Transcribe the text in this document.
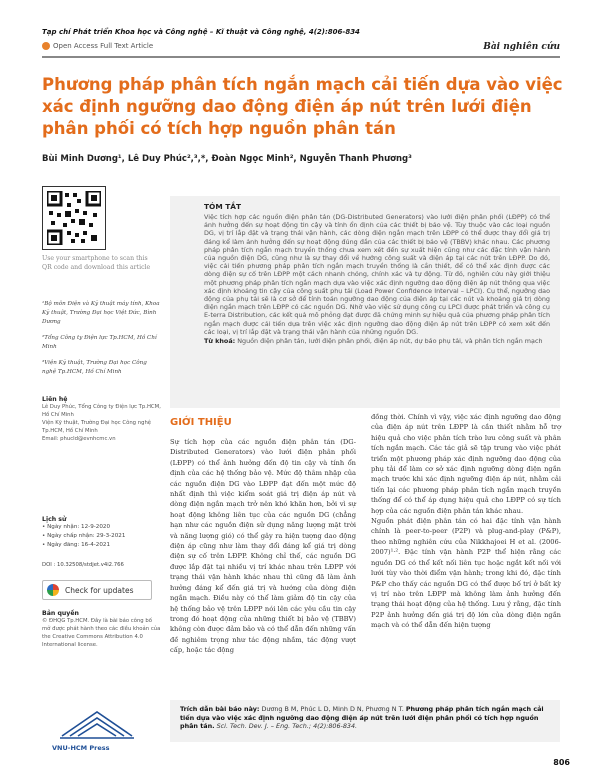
Tạp chí Phát triển Khoa học và Công nghệ – Kĩ thuật và Công nghệ, 4(2):806-834
Open Access Full Text Article	Bài nghiên cứu
Phương pháp phân tích ngắn mạch cải tiến dựa vào việc xác định ngưỡng dao động điện áp nút trên lưới điện phân phối có tích hợp nguồn phân tán
Bùi Minh Dương¹, Lê Duy Phúc²,³,*, Đoàn Ngọc Minh², Nguyễn Thanh Phương³
Use your smartphone to scan this QR code and download this article

¹Bộ môn Điện và Kỹ thuật máy tính, Khoa Kỹ thuật, Trường Đại học Việt Đức, Bình Dương

²Tổng Công ty Điện lực Tp.HCM, Hồ Chí Minh

³Viện Kỹ thuật, Trường Đại học Công nghệ Tp.HCM, Hồ Chí Minh

Liên hệ
Lê Duy Phúc, Tổng Công ty Điện lực Tp.HCM, Hồ Chí Minh
Viện Kỹ thuật, Trường Đại học Công nghệ Tp.HCM, Hồ Chí Minh
Email: phucld@evnhcmc.vn
Lịch sử
• Ngày nhận: 12-9-2020
• Ngày chấp nhận: 29-3-2021
• Ngày đăng: 16-4-2021
DOI : 10.32508/stdjet.v4i2.766
Check for updates
Bản quyền
© ĐHQG Tp.HCM. Đây là bài báo công bố mở được phát hành theo các điều khoản của the Creative Commons Attribution 4.0 International license.
VNU-HCM Press
TÓM TẮT
Việc tích hợp các nguồn điện phân tán (DG-Distributed Generators) vào lưới điện phân phối (LĐPP) có thể ảnh hưởng đến sự hoạt động tin cậy và tính ổn định của các thiết bị bảo vệ. Tùy thuộc vào các loại nguồn DG, vị trí lắp đặt và trạng thái vận hành, các dòng điện ngắn mạch trên LĐPP có thể được thay đổi giá trị đáng kể làm ảnh hưởng đến sự hoạt động đúng đắn của các thiết bị bảo vệ (TBBV) khác nhau. Các phương pháp phân tích ngắn mạch truyền thống chưa xem xét đến sự xuất hiện cũng như các đặc tính vận hành của nguồn điện DG, cũng như là sự thay đổi về hướng công suất và điện áp tại các nút trên LĐPP. Do đó, việc cải tiến phương pháp phân tích ngắn mạch truyền thống là cần thiết, để có thể xác định được các dòng điện sự cố trên LĐPP một cách nhanh chóng, chính xác và tự động. Từ đó, nghiên cứu này giới thiệu một phương pháp phân tích ngắn mạch dựa vào việc xác định ngưỡng dao động điện áp nút thông qua việc xác định khoảng tin cậy của công suất phụ tải (Load Power Confidence Interval – LPCI). Cụ thể, ngưỡng dao động của phụ tải sẽ là cơ sở để tính toán ngưỡng dao động của điện áp tại các nút và khoảng giá trị dòng điện ngắn mạch trên LĐPP có các nguồn DG. Nhờ vào việc sử dụng công cụ LPCI được phát triển và công cụ E-terra Distribution, các kết quả mô phỏng đạt được đã chứng minh sự hiệu quả của phương pháp phân tích ngắn mạch được cải tiến dựa trên việc xác định ngưỡng dao động điện áp nút trên LĐPP có xem xét đến các loại, vị trí lắp đặt và trạng thái vận hành của những nguồn DG.
Từ khoá: Nguồn điện phân tán, lưới điện phân phối, điện áp nút, dự báo phụ tải, và phân tích ngắn mạch
GIỚI THIỆU

Sự tích hợp của các nguồn điện phân tán (DG-Distributed Generators) vào lưới điện phân phối (LĐPP) có thể ảnh hưởng đến độ tin cậy và tính ổn định của các hệ thống bảo vệ. Mức độ thâm nhập của các nguồn điện DG vào LĐPP đạt đến một mức độ nhất định thì việc kiểm soát giá trị điện áp nút và dòng điện ngắn mạch trở nên khó khăn hơn, bởi vì sự hoạt động không liên tục của các nguồn DG (chẳng hạn như các nguồn điện sử dụng năng lượng mặt trời và năng lượng gió) có thể gây ra hiện tượng dao động điện áp cũng như làm thay đổi đáng kể giá trị dòng điện sự cố trên LĐPP. Không chỉ thế, các nguồn DG được lắp đặt tại nhiều vị trí khác nhau trên LĐPP với trạng thái vận hành khác nhau thì cũng đã làm ảnh hưởng đáng kể đến giá trị và hướng của dòng điện ngắn mạch. Điều này có thể làm giảm độ tin cậy của hệ thống bảo vệ trên LĐPP nói lên các yêu cầu tin cậy trong đó hoạt động của những thiết bị bảo vệ (TBBV) không còn được đảm bảo và có thể dẫn đến những vấn đề nghiêm trọng như tác động nhầm, tác động vượt cấp, hoặc tác động

đồng thời. Chính vì vậy, việc xác định ngưỡng dao động của điện áp nút trên LĐPP là cần thiết nhằm hỗ trợ hiệu quả cho việc phân tích trào lưu công suất và phân tích ngắn mạch. Các tác giả sẽ tập trung vào việc phát triển một phương pháp xác định ngưỡng dao động của phụ tải để làm cơ sở xác định ngưỡng dòng điện ngắn mạch trước khi xác định ngưỡng điện áp nút, nhằm cải tiến lại các phương pháp phân tích ngắn mạch truyền thống để có thể áp dụng hiệu quả cho LĐPP có sự tích hợp của các nguồn điện phân tán khác nhau.
Nguồn phát điện phân tán có hai đặc tính vận hành chính là peer-to-peer (P2P) và plug-and-play (P&P), theo những nghiên cứu của Nikkhajoei H et al. (2006-2007)¹·². Đặc tính vận hành P2P thể hiện rằng các nguồn DG có thể kết nối liên tục hoặc ngắt kết nối với lưới tùy vào thời điểm vận hành; trong khi đó, đặc tính P&P cho thấy các nguồn DG có thể được bố trí ở bất kỳ vị trí nào trên LĐPP mà không làm ảnh hưởng đến trạng thái hoạt động của hệ thống. Lưu ý rằng, đặc tính P2P ảnh hưởng đến giá trị độ lớn của dòng điện ngắn mạch và có thể dẫn đến hiện tượng

Trích dẫn bài báo này: Dương B M, Phúc L D, Minh D N, Phương N T. Phương pháp phân tích ngắn mạch cải tiến dựa vào việc xác định ngưỡng dao động điện áp nút trên lưới điện phân phối có tích hợp nguồn phân tán. Sci. Tech. Dev. J. – Eng. Tech.; 4(2):806-834.
806
